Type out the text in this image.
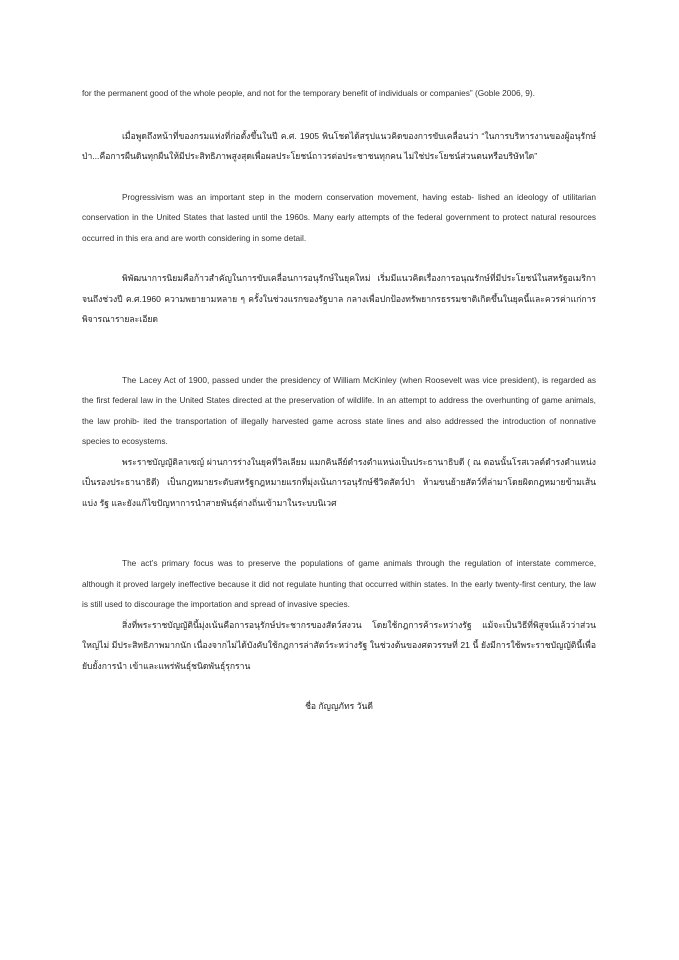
for the permanent good of the whole people, and not for the temporary benefit of individuals or companies” (Goble 2006, 9).

เมื่อพูดถึงหน้าที่ของกรมแห่งที่ก่อตั้งขึ้นในปี ค.ศ. 1905 พินโชตได้สรุปแนวคิดของการขับเคลื่อนว่า “ในการบริหารงานของผู้อนุรักษ์ ป่า...คือการผืนดินทุกผืนให้มีประสิทธิภาพสูงสุดเพื่อผลประโยชน์ถาวรต่อประชาชนทุกคน ไม่ใช่ประโยชน์ส่วนตนหรือบริษัทใด”

Progressivism was an important step in the modern conservation movement, having estab- lished an ideology of utilitarian conservation in the United States that lasted until the 1960s. Many early attempts of the federal government to protect natural resources occurred in this era and are worth considering in some detail.

พิพัฒนาการนิยมคือก้าวสำคัญในการขับเคลื่อนการอนุรักษ์ในยุคใหม่ เริ่มมีแนวคิดเรื่องการอนุณรักษ์ที่มีประโยชน์ในสหรัฐอเมริกา จนถึงช่วงปี ค.ศ.1960 ความพยายามหลาย ๆ ครั้งในช่วงแรกของรัฐบาล กลางเพื่อปกป้องทรัพยากรธรรมชาติเกิดขึ้นในยุคนี้และควรค่าแก่การพิจารณารายละเอียด

The Lacey Act of 1900, passed under the presidency of William McKinley (when Roosevelt was vice president), is regarded as the first federal law in the United States directed at the preservation of wildlife. In an attempt to address the overhunting of game animals, the law prohib- ited the transportation of illegally harvested game across state lines and also addressed the introduction of nonnative species to ecosystems.

พระราชบัญญัติลาเซญ์ ผ่านการร่างในยุคที่วิลเลียม แมกคินลีย์ดำรงตำแหน่งเป็นประธานาธิบดี ( ณ ตอนนั้นโรสเวลต์ดำรงตำแหน่ง เป็นรองประธานาธิดี) เป็นกฎหมายระดับสหรัฐกฎหมายแรกที่มุ่งเน้นการอนุรักษ์ชีวิตสัตว์ป่า ห้ามขนย้ายสัตว์ที่ล่ามาโดยผิดกฎหมายข้ามเส้นแบ่ง รัฐ และยังแก้ไขปัญหาการนำสายพันธุ์ต่างถิ่นเข้ามาในระบบนิเวศ

The act’s primary focus was to preserve the populations of game animals through the regulation of interstate commerce, although it proved largely ineffective because it did not regulate hunting that occurred within states. In the early twenty-first century, the law is still used to discourage the importation and spread of invasive species.

สิ่งที่พระราชบัญญัตินี้มุ่งเน้นคือการอนุรักษ์ประชากรของสัตว์สงวน โดยใช้กฎการค้าระหว่างรัฐ แม้จะเป็นวิธีที่พิสูจน์แล้วว่าส่วนใหญ่ไม่ มีประสิทธิภาพมากนัก เนื่องจากไม่ได้บังคับใช้กฎการล่าสัตว์ระหว่างรัฐ ในช่วงต้นของศตวรรษที่ 21 นี้ ยังมีการใช้พระราชบัญญัตินี้เพื่อยับยั้งการนำ เข้าและแพร่พันธุ์ชนิดพันธุ์รุกราน

ชื่อ กัญญภัทร วันดี
